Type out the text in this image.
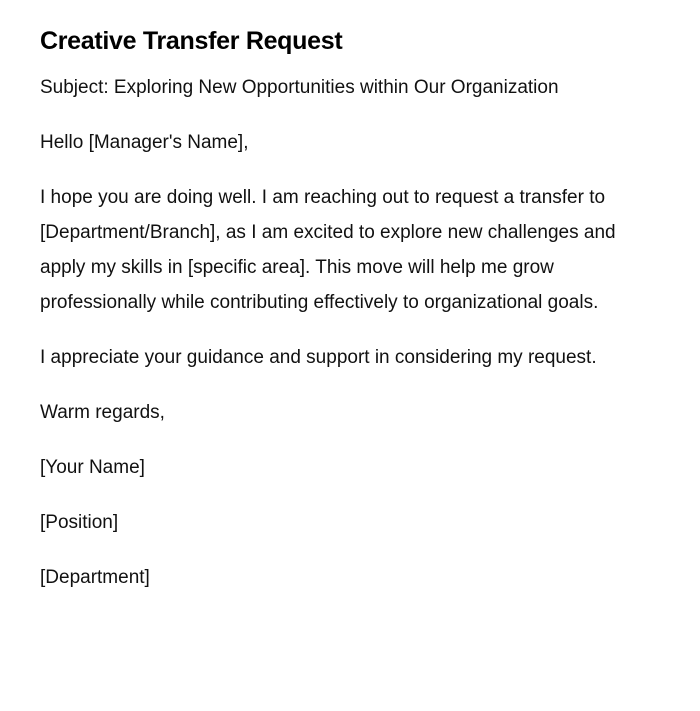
Creative Transfer Request

Subject: Exploring New Opportunities within Our Organization

Hello [Manager's Name],

I hope you are doing well. I am reaching out to request a transfer to [Department/Branch], as I am excited to explore new challenges and apply my skills in [specific area]. This move will help me grow professionally while contributing effectively to organizational goals.

I appreciate your guidance and support in considering my request.

Warm regards,

[Your Name]

[Position]

[Department]
